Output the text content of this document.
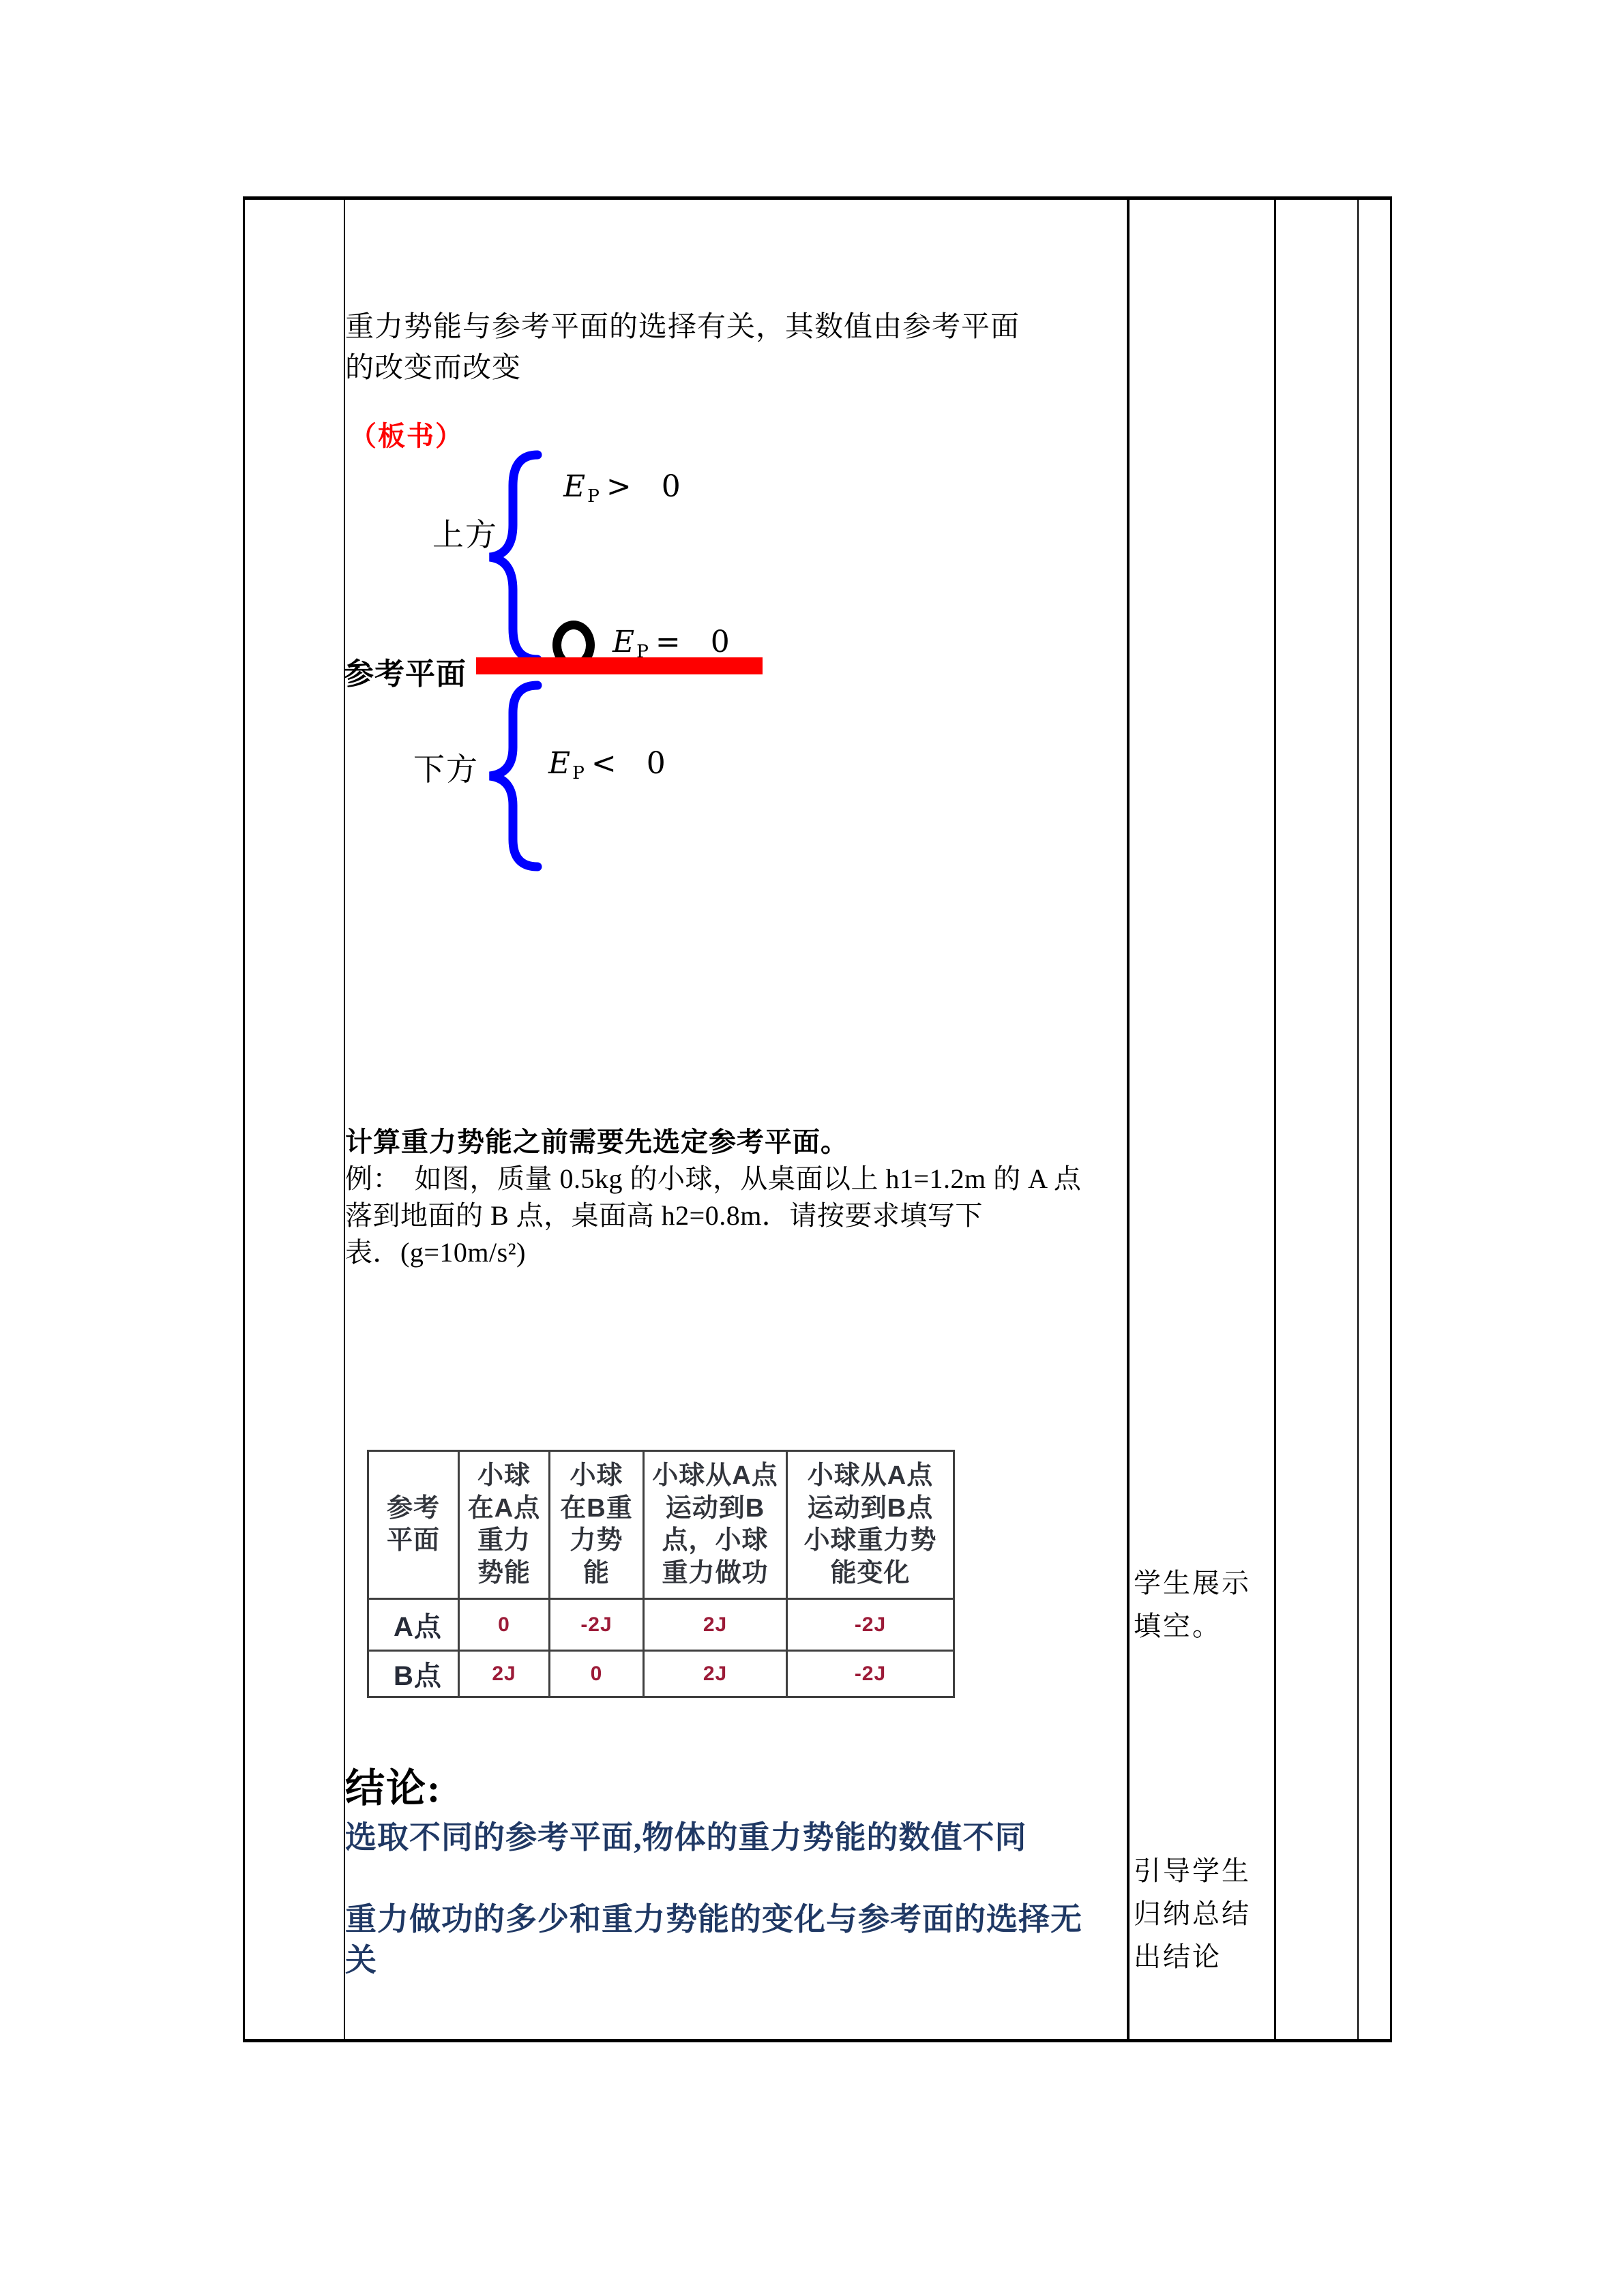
重力势能与参考平面的选择有关，其数值由参考平面
的改变而改变
（板书）
上方
E $_P$ > 0
参考平面
E $_P$ = 0
下方 E $_P$ < 0
计算重力势能之前需要先选定参考平面。
例：　如图，质量 0.5kg 的小球，从桌面以上 h1=1.2m 的 A 点
落到地面的 B 点，桌面高 h2=0.8m．请按要求填写下
表．(g=10m/s²)
参考平面	小球在A点重力势能	小球在B重力势能	小球从A点运动到B点，小球重力做功	小球从A点运动到B点小球重力势能变化
A点	0	-2J	2J	-2J
B点	2J	0	2J	-2J
结论:
选取不同的参考平面,物体的重力势能的数值不同
重力做功的多少和重力势能的变化与参考面的选择无
关
学生展示
填空。
引导学生
归纳总结
出结论
